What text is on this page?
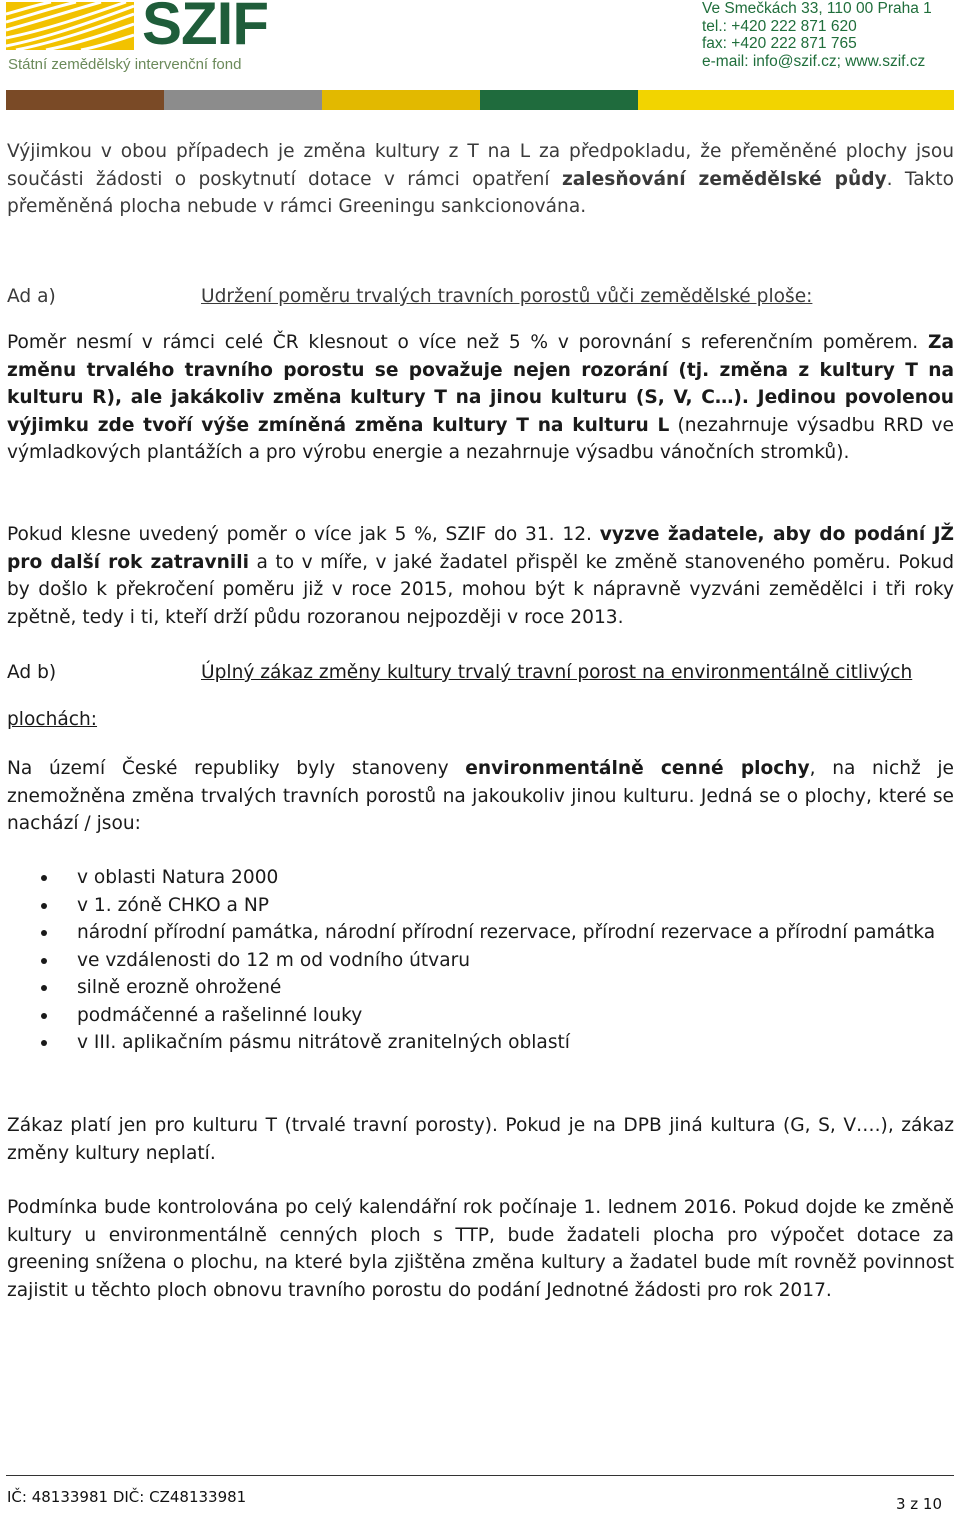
SZIF
Státní zemědělský intervenční fond
Ve Smečkách 33, 110 00 Praha 1
tel.: +420 222 871 620
fax: +420 222 871 765
e-mail: info@szif.cz; www.szif.cz

Výjimkou v obou případech je změna kultury z T na L za předpokladu, že přeměněné plochy jsou součásti žádosti o poskytnutí dotace v rámci opatření zalesňování zemědělské půdy. Takto přeměněná plocha nebude v rámci Greeningu sankcionována.

Ad a)	Udržení poměru trvalých travních porostů vůči zemědělské ploše:

Poměr nesmí v rámci celé ČR klesnout o více než 5 % v porovnání s referenčním poměrem. Za změnu trvalého travního porostu se považuje nejen rozorání (tj. změna z kultury T na kulturu R), ale jakákoliv změna kultury T na jinou kulturu (S, V, C…). Jedinou povolenou výjimku zde tvoří výše zmíněná změna kultury T na kulturu L (nezahrnuje výsadbu RRD ve výmladkových plantážích a pro výrobu energie a nezahrnuje výsadbu vánočních stromků).

Pokud klesne uvedený poměr o více jak 5 %, SZIF do 31. 12. vyzve žadatele, aby do podání JŽ pro další rok zatravnili a to v míře, v jaké žadatel přispěl ke změně stanoveného poměru. Pokud by došlo k překročení poměru již v roce 2015, mohou být k nápravně vyzváni zemědělci i tři roky zpětně, tedy i ti, kteří drží půdu rozoranou nejpozději v roce 2013.

Ad b)	Úplný zákaz změny kultury trvalý travní porost na environmentálně citlivých
plochách:

Na území České republiky byly stanoveny environmentálně cenné plochy, na nichž je znemožněna změna trvalých travních porostů na jakoukoliv jinou kulturu. Jedná se o plochy, které se nachází / jsou:

v oblasti Natura 2000
v 1. zóně CHKO a NP
národní přírodní památka, národní přírodní rezervace, přírodní rezervace a přírodní památka
ve vzdálenosti do 12 m od vodního útvaru
silně erozně ohrožené
podmáčenné a rašelinné louky
v III. aplikačním pásmu nitrátově zranitelných oblastí

Zákaz platí jen pro kulturu T (trvalé travní porosty). Pokud je na DPB jiná kultura (G, S, V….), zákaz změny kultury neplatí.

Podmínka bude kontrolována po celý kalendářní rok počínaje 1. lednem 2016. Pokud dojde ke změně kultury u environmentálně cenných ploch s TTP, bude žadateli plocha pro výpočet dotace za greening snížena o plochu, na které byla zjištěna změna kultury a žadatel bude mít rovněž povinnost zajistit u těchto ploch obnovu travního porostu do podání Jednotné žádosti pro rok 2017.

IČ: 48133981 DIČ: CZ48133981	3 z 10
